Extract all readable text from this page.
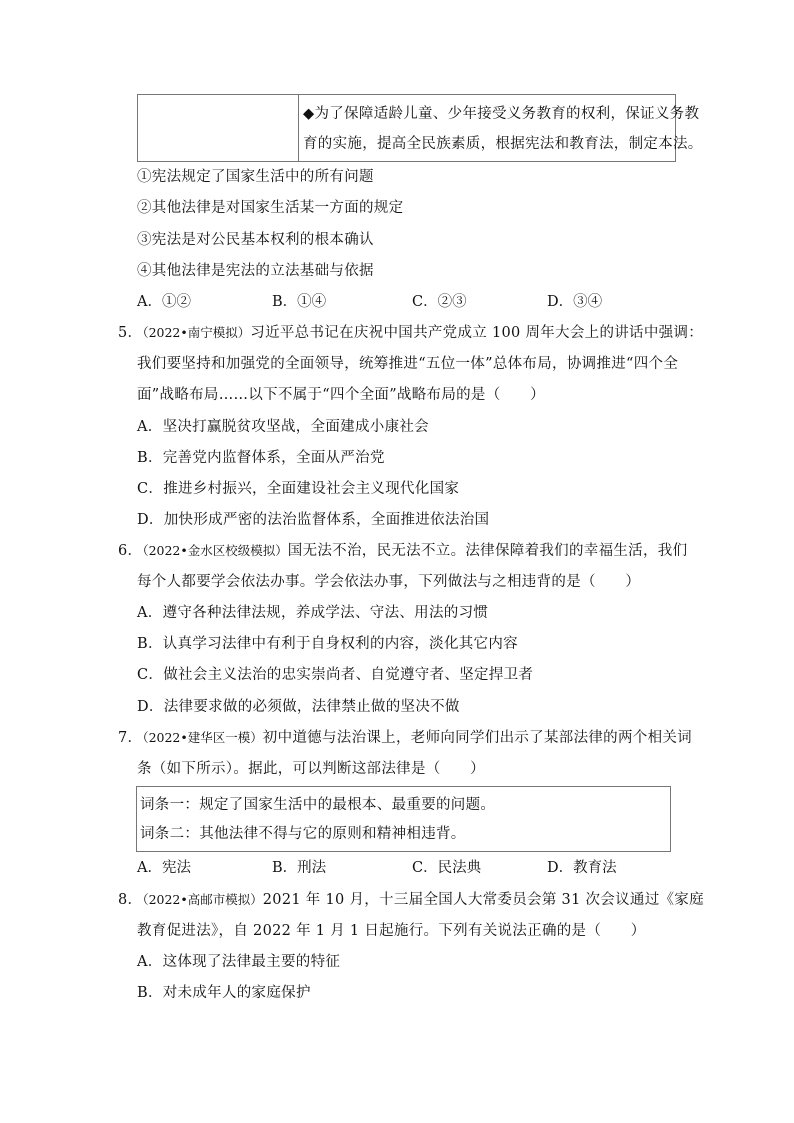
◆为了保障适龄儿童、少年接受义务教育的权利，保证义务教
育的实施，提高全民族素质，根据宪法和教育法，制定本法。
①宪法规定了国家生活中的所有问题
②其他法律是对国家生活某一方面的规定
③宪法是对公民基本权利的根本确认
④其他法律是宪法的立法基础与依据
A．①②	B．①④	C．②③	D．③④
5．（2022•南宁模拟）习近平总书记在庆祝中国共产党成立 100 周年大会上的讲话中强调：
我们要坚持和加强党的全面领导，统筹推进“五位一体”总体布局，协调推进“四个全
面”战略布局……以下不属于“四个全面”战略布局的是（　　）
A．坚决打赢脱贫攻坚战，全面建成小康社会
B．完善党内监督体系，全面从严治党
C．推进乡村振兴，全面建设社会主义现代化国家
D．加快形成严密的法治监督体系，全面推进依法治国
6．（2022•金水区校级模拟）国无法不治，民无法不立。法律保障着我们的幸福生活，我们
每个人都要学会依法办事。学会依法办事，下列做法与之相违背的是（　　）
A．遵守各种法律法规，养成学法、守法、用法的习惯
B．认真学习法律中有利于自身权利的内容，淡化其它内容
C．做社会主义法治的忠实崇尚者、自觉遵守者、坚定捍卫者
D．法律要求做的必须做，法律禁止做的坚决不做
7．（2022•建华区一模）初中道德与法治课上，老师向同学们出示了某部法律的两个相关词
条（如下所示）。据此，可以判断这部法律是（　　）
词条一：规定了国家生活中的最根本、最重要的问题。
词条二：其他法律不得与它的原则和精神相违背。
A．宪法	B．刑法	C．民法典	D．教育法
8．（2022•高邮市模拟）2021 年 10 月，十三届全国人大常委员会第 31 次会议通过《家庭
教育促进法》，自 2022 年 1 月 1 日起施行。下列有关说法正确的是（　　）
A．这体现了法律最主要的特征
B．对未成年人的家庭保护
